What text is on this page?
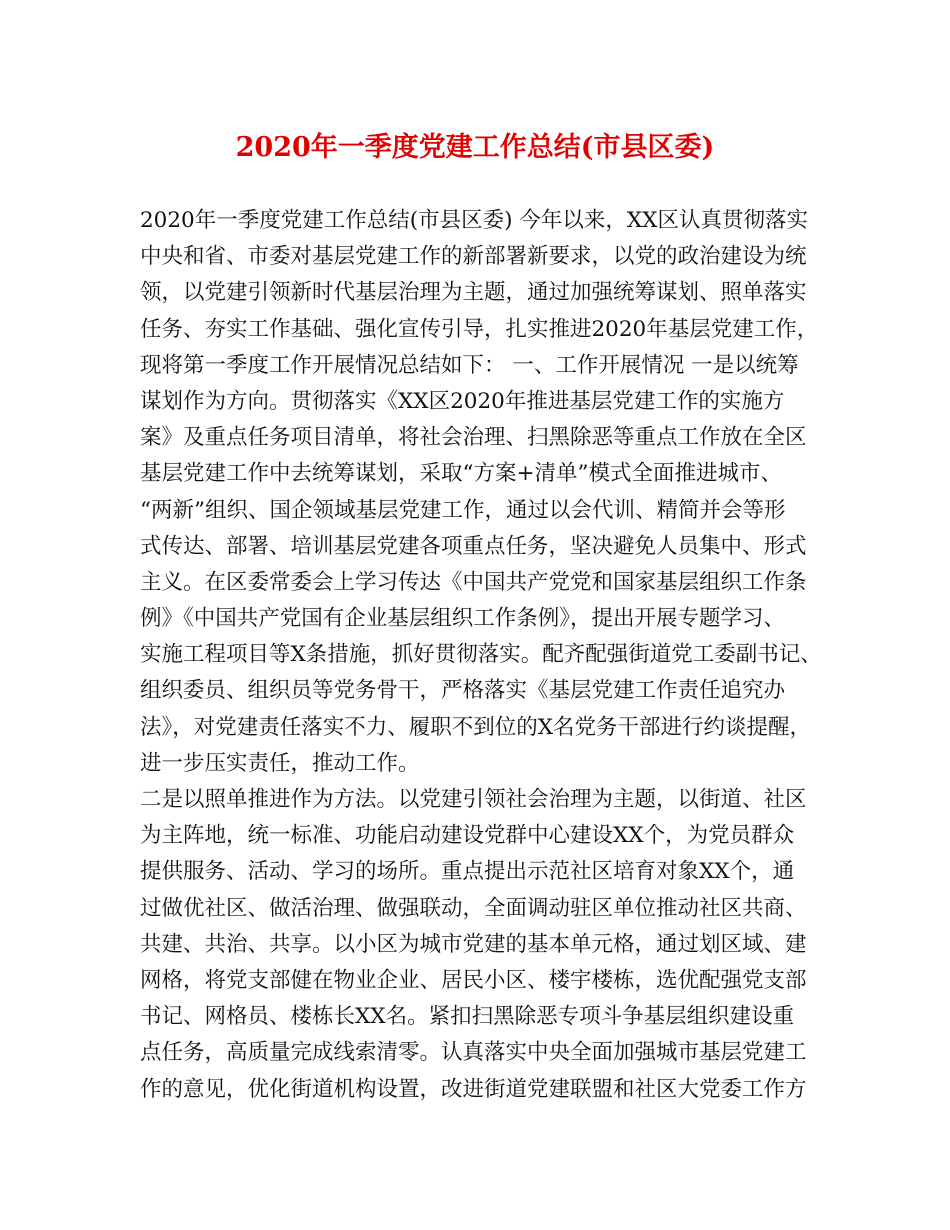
2020年一季度党建工作总结(市县区委)
2020年一季度党建工作总结(市县区委) 今年以来，XX区认真贯彻落实
中央和省、市委对基层党建工作的新部署新要求，以党的政治建设为统
领，以党建引领新时代基层治理为主题，通过加强统筹谋划、照单落实
任务、夯实工作基础、强化宣传引导，扎实推进2020年基层党建工作，
现将第一季度工作开展情况总结如下： 一、工作开展情况 一是以统筹
谋划作为方向。贯彻落实《XX区2020年推进基层党建工作的实施方
案》及重点任务项目清单，将社会治理、扫黑除恶等重点工作放在全区
基层党建工作中去统筹谋划，采取“方案+清单”模式全面推进城市、
“两新”组织、国企领域基层党建工作，通过以会代训、精简并会等形
式传达、部署、培训基层党建各项重点任务，坚决避免人员集中、形式
主义。在区委常委会上学习传达《中国共产党党和国家基层组织工作条
例》《中国共产党国有企业基层组织工作条例》，提出开展专题学习、
实施工程项目等X条措施，抓好贯彻落实。配齐配强街道党工委副书记、
组织委员、组织员等党务骨干，严格落实《基层党建工作责任追究办
法》，对党建责任落实不力、履职不到位的X名党务干部进行约谈提醒，
进一步压实责任，推动工作。
二是以照单推进作为方法。以党建引领社会治理为主题，以街道、社区
为主阵地，统一标准、功能启动建设党群中心建设XX个，为党员群众
提供服务、活动、学习的场所。重点提出示范社区培育对象XX个，通
过做优社区、做活治理、做强联动，全面调动驻区单位推动社区共商、
共建、共治、共享。以小区为城市党建的基本单元格，通过划区域、建
网格，将党支部健在物业企业、居民小区、楼宇楼栋，选优配强党支部
书记、网格员、楼栋长XX名。紧扣扫黑除恶专项斗争基层组织建设重
点任务，高质量完成线索清零。认真落实中央全面加强城市基层党建工
作的意见，优化街道机构设置，改进街道党建联盟和社区大党委工作方
